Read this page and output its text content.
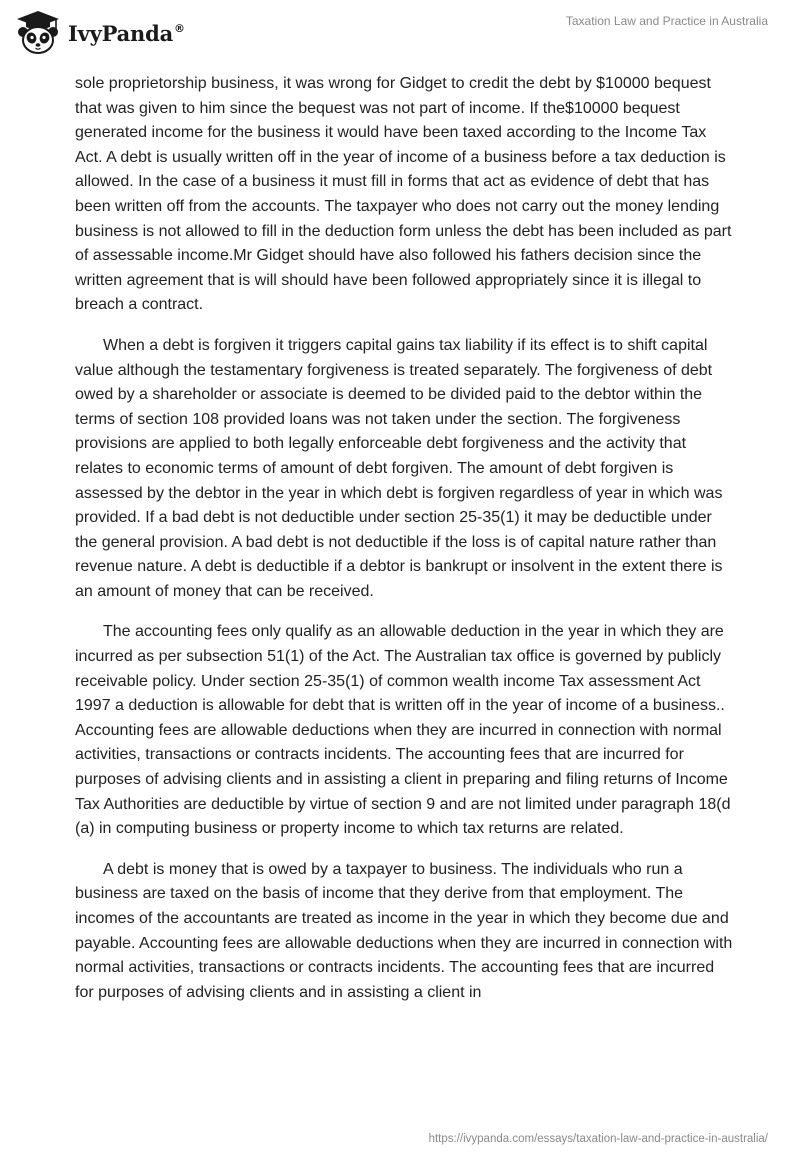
IvyPanda®	Taxation Law and Practice in Australia

sole proprietorship business, it was wrong for Gidget to credit the debt by $10000 bequest that was given to him since the bequest was not part of income. If the$10000 bequest generated income for the business it would have been taxed according to the Income Tax Act. A debt is usually written off in the year of income of a business before a tax deduction is allowed. In the case of a business it must fill in forms that act as evidence of debt that has been written off from the accounts. The taxpayer who does not carry out the money lending business is not allowed to fill in the deduction form unless the debt has been included as part of assessable income.Mr Gidget should have also followed his fathers decision since the written agreement that is will should have been followed appropriately since it is illegal to breach a contract.

When a debt is forgiven it triggers capital gains tax liability if its effect is to shift capital value although the testamentary forgiveness is treated separately. The forgiveness of debt owed by a shareholder or associate is deemed to be divided paid to the debtor within the terms of section 108 provided loans was not taken under the section. The forgiveness provisions are applied to both legally enforceable debt forgiveness and the activity that relates to economic terms of amount of debt forgiven. The amount of debt forgiven is assessed by the debtor in the year in which debt is forgiven regardless of year in which was provided. If a bad debt is not deductible under section 25-35(1) it may be deductible under the general provision. A bad debt is not deductible if the loss is of capital nature rather than revenue nature. A debt is deductible if a debtor is bankrupt or insolvent in the extent there is an amount of money that can be received.

The accounting fees only qualify as an allowable deduction in the year in which they are incurred as per subsection 51(1) of the Act. The Australian tax office is governed by publicly receivable policy. Under section 25-35(1) of common wealth income Tax assessment Act 1997 a deduction is allowable for debt that is written off in the year of income of a business.. Accounting fees are allowable deductions when they are incurred in connection with normal activities, transactions or contracts incidents. The accounting fees that are incurred for purposes of advising clients and in assisting a client in preparing and filing returns of Income Tax Authorities are deductible by virtue of section 9 and are not limited under paragraph 18(d (a) in computing business or property income to which tax returns are related.

A debt is money that is owed by a taxpayer to business. The individuals who run a business are taxed on the basis of income that they derive from that employment. The incomes of the accountants are treated as income in the year in which they become due and payable. Accounting fees are allowable deductions when they are incurred in connection with normal activities, transactions or contracts incidents. The accounting fees that are incurred for purposes of advising clients and in assisting a client in

https://ivypanda.com/essays/taxation-law-and-practice-in-australia/
